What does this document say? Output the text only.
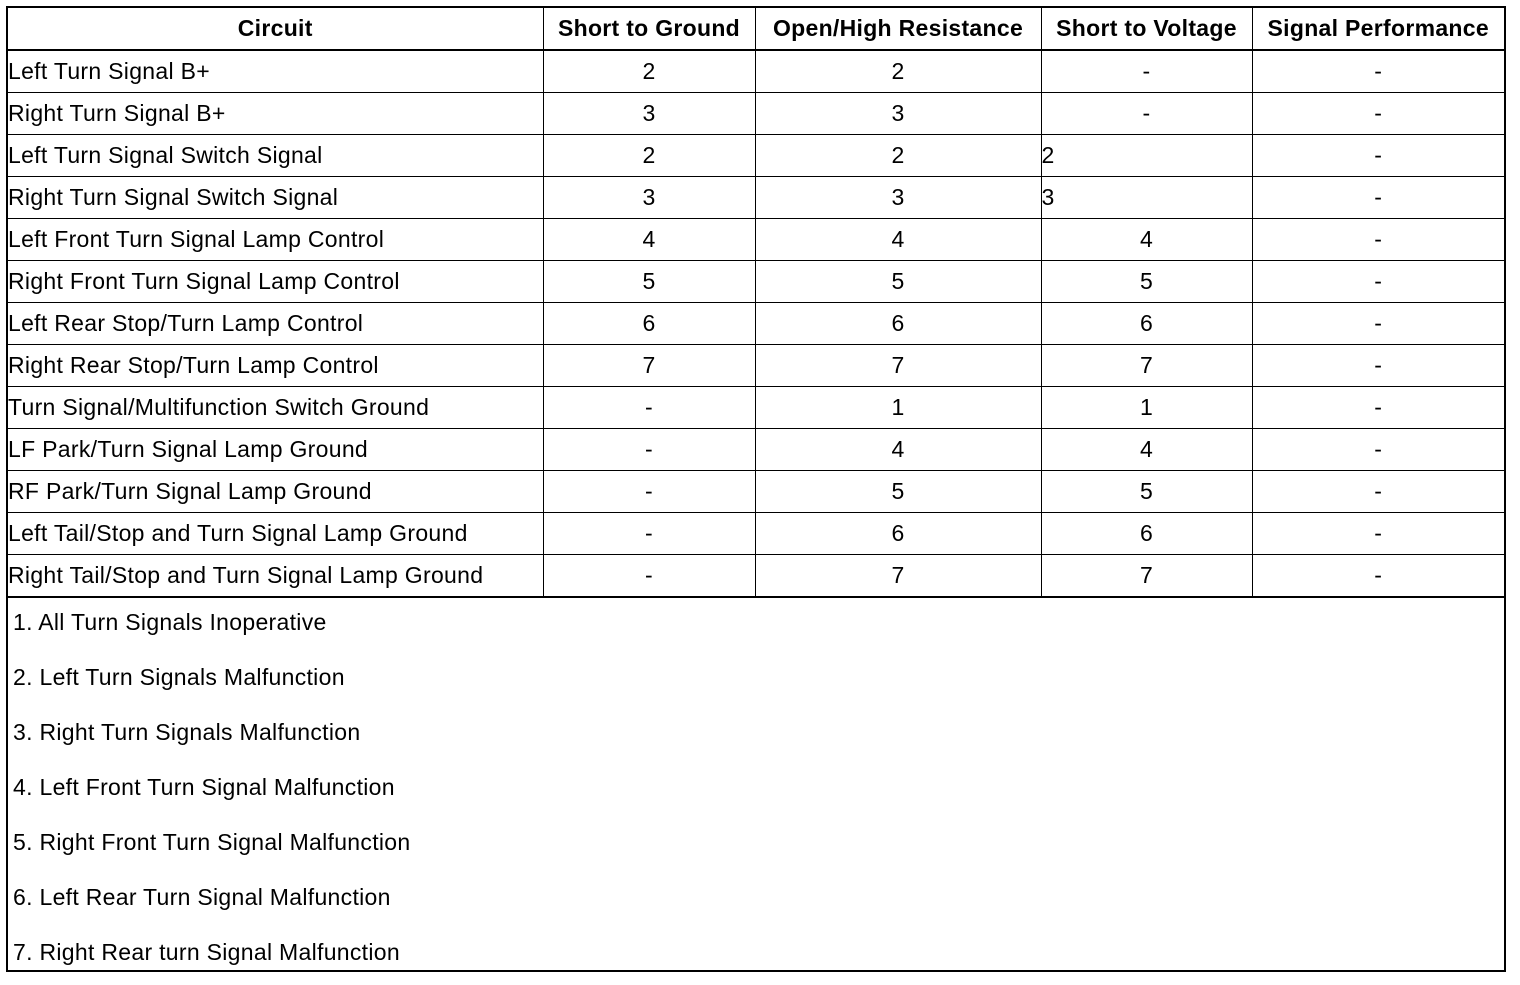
Circuit	Short to Ground	Open/High Resistance	Short to Voltage	Signal Performance
Left Turn Signal B+	2	2	-	-
Right Turn Signal B+	3	3	-	-
Left Turn Signal Switch Signal	2	2	2	-
Right Turn Signal Switch Signal	3	3	3	-
Left Front Turn Signal Lamp Control	4	4	4	-
Right Front Turn Signal Lamp Control	5	5	5	-
Left Rear Stop/Turn Lamp Control	6	6	6	-
Right Rear Stop/Turn Lamp Control	7	7	7	-
Turn Signal/Multifunction Switch Ground	-	1	1	-
LF Park/Turn Signal Lamp Ground	-	4	4	-
RF Park/Turn Signal Lamp Ground	-	5	5	-
Left Tail/Stop and Turn Signal Lamp Ground	-	6	6	-
Right Tail/Stop and Turn Signal Lamp Ground	-	7	7	-
1. All Turn Signals Inoperative
2. Left Turn Signals Malfunction
3. Right Turn Signals Malfunction
4. Left Front Turn Signal Malfunction
5. Right Front Turn Signal Malfunction
6. Left Rear Turn Signal Malfunction
7. Right Rear turn Signal Malfunction
